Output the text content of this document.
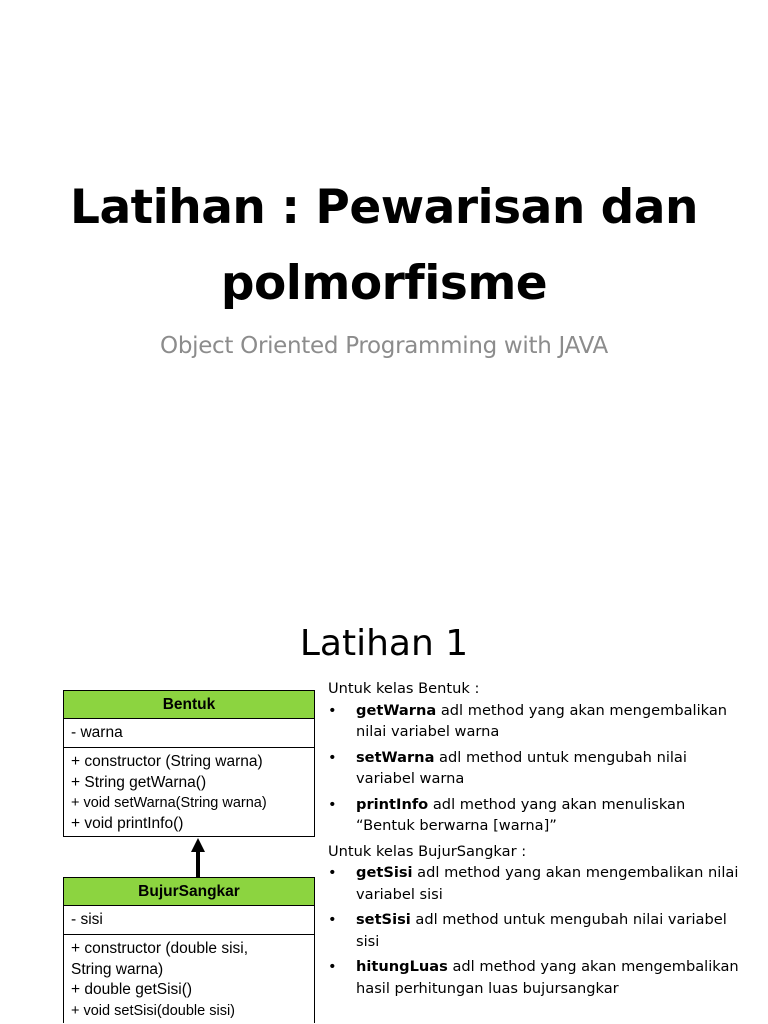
Latihan : Pewarisan dan
polmorfisme
Object Oriented Programming with JAVA
Latihan 1
Bentuk
- warna
+ constructor (String warna)
+ String getWarna()
+ void setWarna(String warna)
+ void printInfo()
BujurSangkar
- sisi
+ constructor (double sisi,
String warna)
+ double getSisi()
+ void setSisi(double sisi)

Untuk kelas Bentuk :

• getWarna adl method yang akan mengembalikan nilai variabel warna
• setWarna adl method untuk mengubah nilai variabel warna
• printInfo adl method yang akan menuliskan “Bentuk berwarna [warna]”

Untuk kelas BujurSangkar :

• getSisi adl method yang akan mengembalikan nilai variabel sisi
• setSisi adl method untuk mengubah nilai variabel sisi
• hitungLuas adl method yang akan mengembalikan hasil perhitungan luas bujursangkar
